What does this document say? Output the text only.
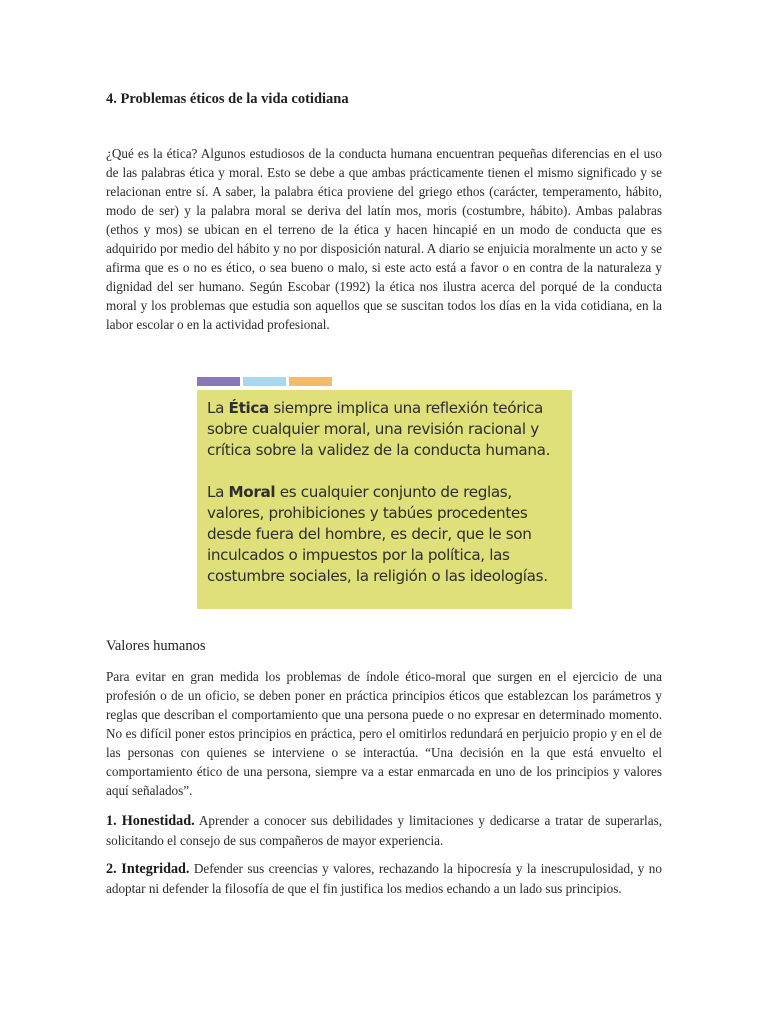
4. Problemas éticos de la vida cotidiana

¿Qué es la ética? Algunos estudiosos de la conducta humana encuentran pequeñas diferencias en el uso de las palabras ética y moral. Esto se debe a que ambas prácticamente tienen el mismo significado y se relacionan entre sí. A saber, la palabra ética proviene del griego ethos (carácter, temperamento, hábito, modo de ser) y la palabra moral se deriva del latín mos, moris (costumbre, hábito). Ambas palabras (ethos y mos) se ubican en el terreno de la ética y hacen hincapié en un modo de conducta que es adquirido por medio del hábito y no por disposición natural. A diario se enjuicia moralmente un acto y se afirma que es o no es ético, o sea bueno o malo, si este acto está a favor o en contra de la naturaleza y dignidad del ser humano. Según Escobar (1992) la ética nos ilustra acerca del porqué de la conducta moral y los problemas que estudia son aquellos que se suscitan todos los días en la vida cotidiana, en la labor escolar o en la actividad profesional.

La Ética siempre implica una reflexión teórica sobre cualquier moral, una revisión racional y crítica sobre la validez de la conducta humana.

La Moral es cualquier conjunto de reglas, valores, prohibiciones y tabúes procedentes desde fuera del hombre, es decir, que le son inculcados o impuestos por la política, las costumbre sociales, la religión o las ideologías.

Valores humanos

Para evitar en gran medida los problemas de índole ético-moral que surgen en el ejercicio de una profesión o de un oficio, se deben poner en práctica principios éticos que establezcan los parámetros y reglas que describan el comportamiento que una persona puede o no expresar en determinado momento. No es difícil poner estos principios en práctica, pero el omitirlos redundará en perjuicio propio y en el de las personas con quienes se interviene o se interactúa. “Una decisión en la que está envuelto el comportamiento ético de una persona, siempre va a estar enmarcada en uno de los principios y valores aquí señalados”.

1. Honestidad. Aprender a conocer sus debilidades y limitaciones y dedicarse a tratar de superarlas, solicitando el consejo de sus compañeros de mayor experiencia.

2. Integridad. Defender sus creencias y valores, rechazando la hipocresía y la inescrupulosidad, y no adoptar ni defender la filosofía de que el fin justifica los medios echando a un lado sus principios.
